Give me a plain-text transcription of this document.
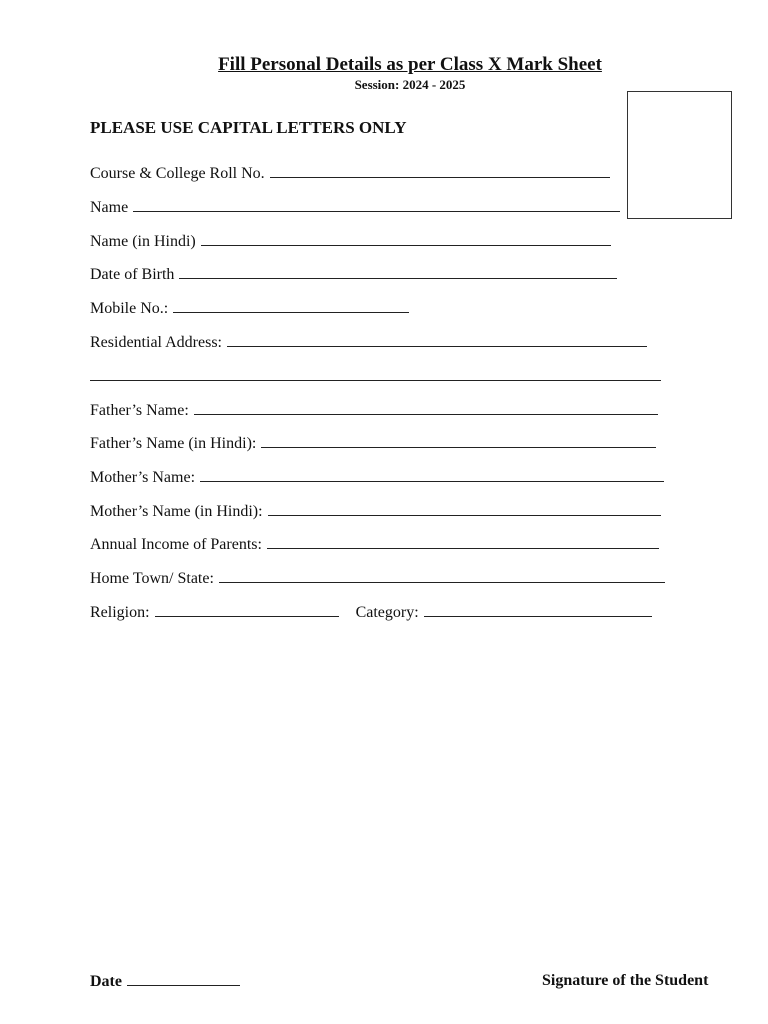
Fill Personal Details as per Class X Mark Sheet
Session: 2024 - 2025
PLEASE USE CAPITAL LETTERS ONLY
Course & College Roll No.
Name
Name (in Hindi)
Date of Birth
Mobile No.:
Residential Address:
Father’s Name:
Father’s Name (in Hindi):
Mother’s Name:
Mother’s Name (in Hindi):
Annual Income of Parents:
Home Town/ State:
Religion:	Category:
Date	Signature of the Student
